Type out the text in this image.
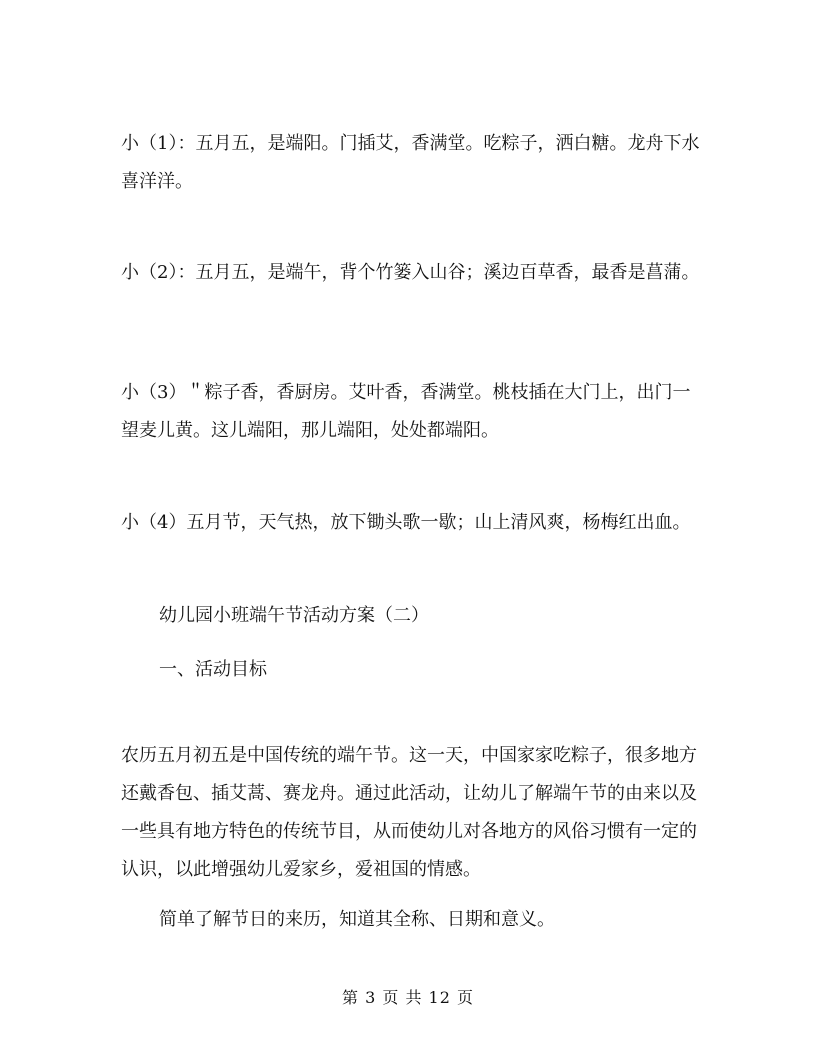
小（1）：五月五，是端阳。门插艾，香满堂。吃粽子，洒白糖。龙舟下水喜洋洋。
小（2）：五月五，是端午，背个竹篓入山谷；溪边百草香，最香是菖蒲。
小（3）＂粽子香，香厨房。艾叶香，香满堂。桃枝插在大门上，出门一望麦儿黄。这儿端阳，那儿端阳，处处都端阳。
小（4）五月节，天气热，放下锄头歌一歇；山上清风爽，杨梅红出血。
幼儿园小班端午节活动方案（二）
一、活动目标
农历五月初五是中国传统的端午节。这一天，中国家家吃粽子，很多地方还戴香包、插艾蒿、赛龙舟。通过此活动，让幼儿了解端午节的由来以及一些具有地方特色的传统节目，从而使幼儿对各地方的风俗习惯有一定的认识，以此增强幼儿爱家乡，爱祖国的情感。
简单了解节日的来历，知道其全称、日期和意义。
第 3 页 共 12 页
